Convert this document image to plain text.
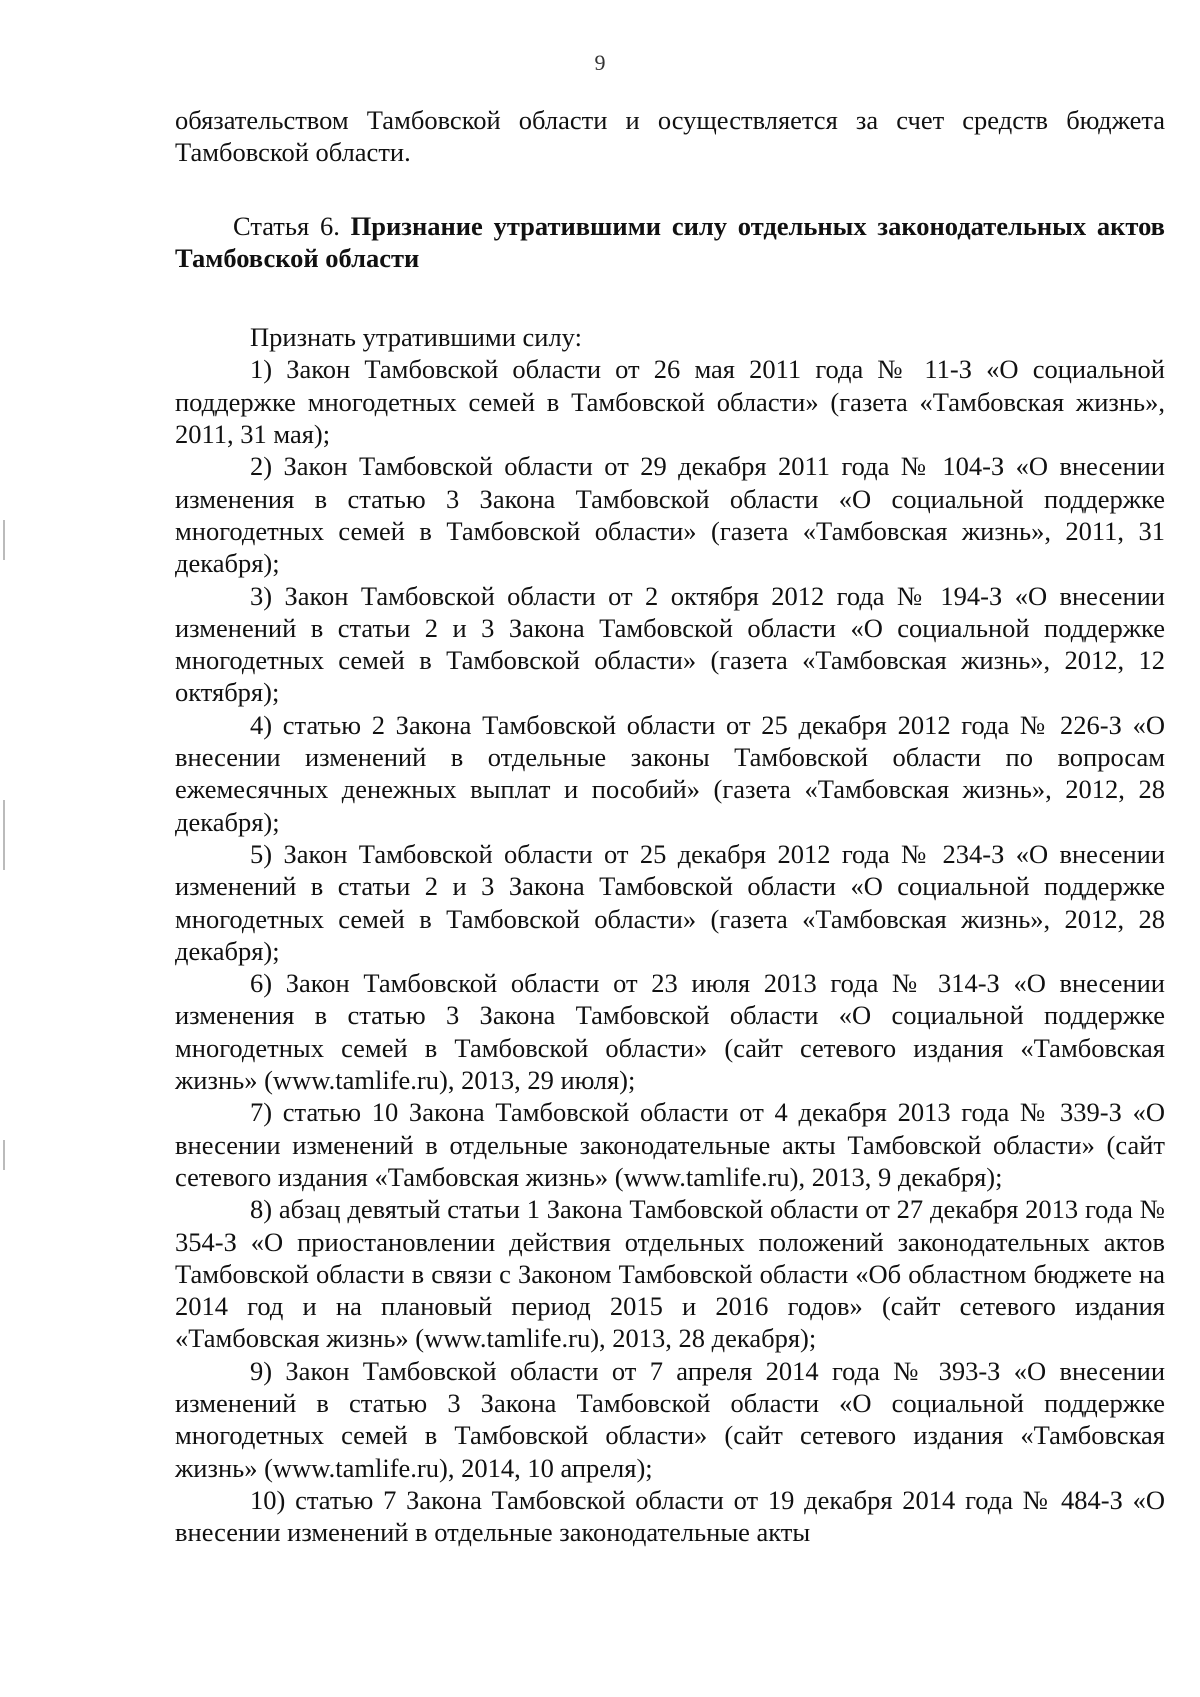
9

обязательством Тамбовской области и осуществляется за счет средств бюджета Тамбовской области.

Статья 6. Признание утратившими силу отдельных законодательных актов Тамбовской области

Признать утратившими силу:

1) Закон Тамбовской области от 26 мая 2011 года № 11-З «О социальной поддержке многодетных семей в Тамбовской области» (газета «Тамбовская жизнь», 2011, 31 мая);

2) Закон Тамбовской области от 29 декабря 2011 года № 104-З «О внесении изменения в статью 3 Закона Тамбовской области «О социальной поддержке многодетных семей в Тамбовской области» (газета «Тамбовская жизнь», 2011, 31 декабря);

3) Закон Тамбовской области от 2 октября 2012 года № 194-З «О внесении изменений в статьи 2 и 3 Закона Тамбовской области «О социальной поддержке многодетных семей в Тамбовской области» (газета «Тамбовская жизнь», 2012, 12 октября);

4) статью 2 Закона Тамбовской области от 25 декабря 2012 года № 226-З «О внесении изменений в отдельные законы Тамбовской области по вопросам ежемесячных денежных выплат и пособий» (газета «Тамбовская жизнь», 2012, 28 декабря);

5) Закон Тамбовской области от 25 декабря 2012 года № 234-З «О внесении изменений в статьи 2 и 3 Закона Тамбовской области «О социальной поддержке многодетных семей в Тамбовской области» (газета «Тамбовская жизнь», 2012, 28 декабря);

6) Закон Тамбовской области от 23 июля 2013 года № 314-З «О внесении изменения в статью 3 Закона Тамбовской области «О социальной поддержке многодетных семей в Тамбовской области» (сайт сетевого издания «Тамбовская жизнь» (www.tamlife.ru), 2013, 29 июля);

7) статью 10 Закона Тамбовской области от 4 декабря 2013 года № 339-З «О внесении изменений в отдельные законодательные акты Тамбовской области» (сайт сетевого издания «Тамбовская жизнь» (www.tamlife.ru), 2013, 9 декабря);

8) абзац девятый статьи 1 Закона Тамбовской области от 27 декабря 2013 года № 354-З «О приостановлении действия отдельных положений законодательных актов Тамбовской области в связи с Законом Тамбовской области «Об областном бюджете на 2014 год и на плановый период 2015 и 2016 годов» (сайт сетевого издания «Тамбовская жизнь» (www.tamlife.ru), 2013, 28 декабря);

9) Закон Тамбовской области от 7 апреля 2014 года № 393-З «О внесении изменений в статью 3 Закона Тамбовской области «О социальной поддержке многодетных семей в Тамбовской области» (сайт сетевого издания «Тамбовская жизнь» (www.tamlife.ru), 2014, 10 апреля);

10) статью 7 Закона Тамбовской области от 19 декабря 2014 года № 484-З «О внесении изменений в отдельные законодательные акты
